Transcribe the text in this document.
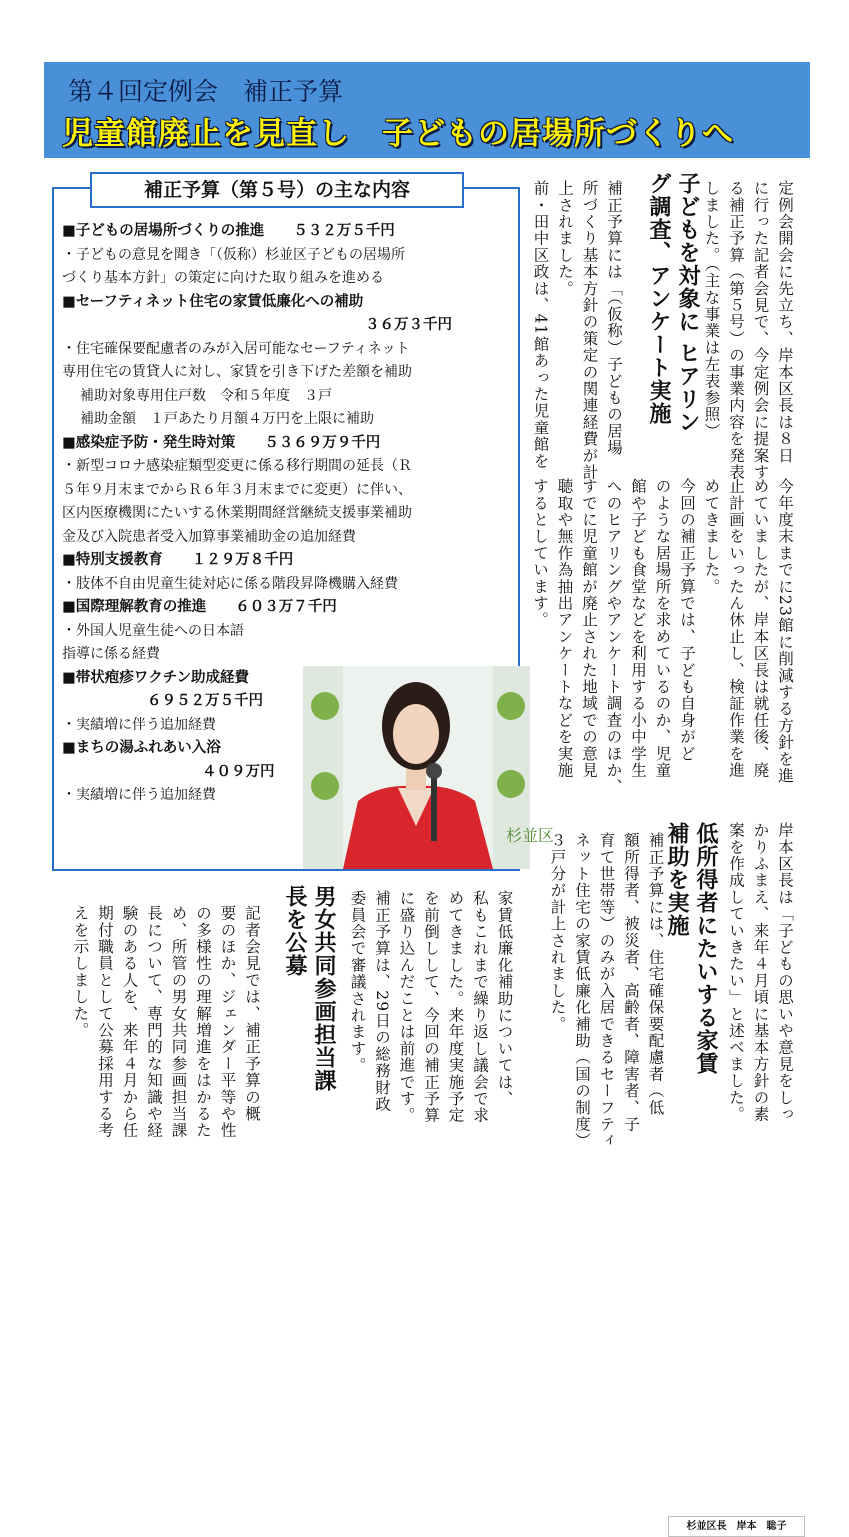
第４回定例会　補正予算
児童館廃止を見直し　子どもの居場所づくりへ
定例会開会に先立ち、岸本区長は８日
に行った記者会見で、今定例会に提案す
る補正予算（第５号）の事業内容を発表
しました。（主な事業は左表参照）
子どもを対象に ヒアリン
グ調査、アンケート実施
補正予算には「（仮称）子どもの居場
所づくり基本方針の策定の関連経費が計
上されました。
前・田中区政は、41館あった児童館を
今年度末までに23館に削減する方針を進
めていましたが、岸本区長は就任後、廃
止計画をいったん休止し、検証作業を進
めてきました。
今回の補正予算では、子ども自身がど
のような居場所を求めているのか、児童
館や子ども食堂などを利用する小中学生
へのヒアリングやアンケート調査のほか、
すでに児童館が廃止された地域での意見
聴取や無作為抽出アンケートなどを実施
するとしています。
岸本区長は「子どもの思いや意見をしっ
かりふまえ、来年４月頃に基本方針の素
案を作成していきたい」と述べました。
低所得者にたいする家賃
補助を実施
補正予算には、住宅確保要配慮者（低
額所得者、被災者、高齢者、障害者、子
育て世帯等）のみが入居できるセーフティ
ネット住宅の家賃低廉化補助（国の制度）
３戸分が計上されました。
家賃低廉化補助については、
私もこれまで繰り返し議会で求
めてきました。来年度実施予定
を前倒しして、今回の補正予算
に盛り込んだことは前進です。
補正予算は、29日の総務財政
委員会で審議されます。
男女共同参画担当課
長を公募
記者会見では、補正予算の概
要のほか、ジェンダー平等や性
の多様性の理解増進をはかるた
め、所管の男女共同参画担当課
長について、専門的な知識や経
験のある人を、来年４月から任
期付職員として公募採用する考
えを示しました。
補正予算（第５号）の主な内容
■子どもの居場所づくりの推進　　５３２万５千円
・子どもの意見を聞き「（仮称）杉並区子どもの居場所
づくり基本方針」の策定に向けた取り組みを進める
■セーフティネット住宅の家賃低廉化への補助
３６万３千円
・住宅確保要配慮者のみが入居可能なセーフティネット
専用住宅の賃貸人に対し、家賃を引き下げた差額を補助
補助対象専用住戸数　令和５年度　３戸
補助金額　１戸あたり月額４万円を上限に補助
■感染症予防・発生時対策　　５３６９万９千円
・新型コロナ感染症類型変更に係る移行期間の延長（Ｒ
５年９月末までからＲ６年３月末までに変更）に伴い、
区内医療機関にたいする休業期間経営継続支援事業補助
金及び入院患者受入加算事業補助金の追加経費
■特別支援教育　　１２９万８千円
・肢体不自由児童生徒対応に係る階段昇降機購入経費
■国際理解教育の推進　　６０３万７千円
・外国人児童生徒への日本語
指導に係る経費
■帯状疱疹ワクチン助成経費
６９５２万５千円
・実績増に伴う追加経費
■まちの湯ふれあい入浴
４０９万円
・実績増に伴う追加経費
杉並区
杉並区長　岸本　聡子
